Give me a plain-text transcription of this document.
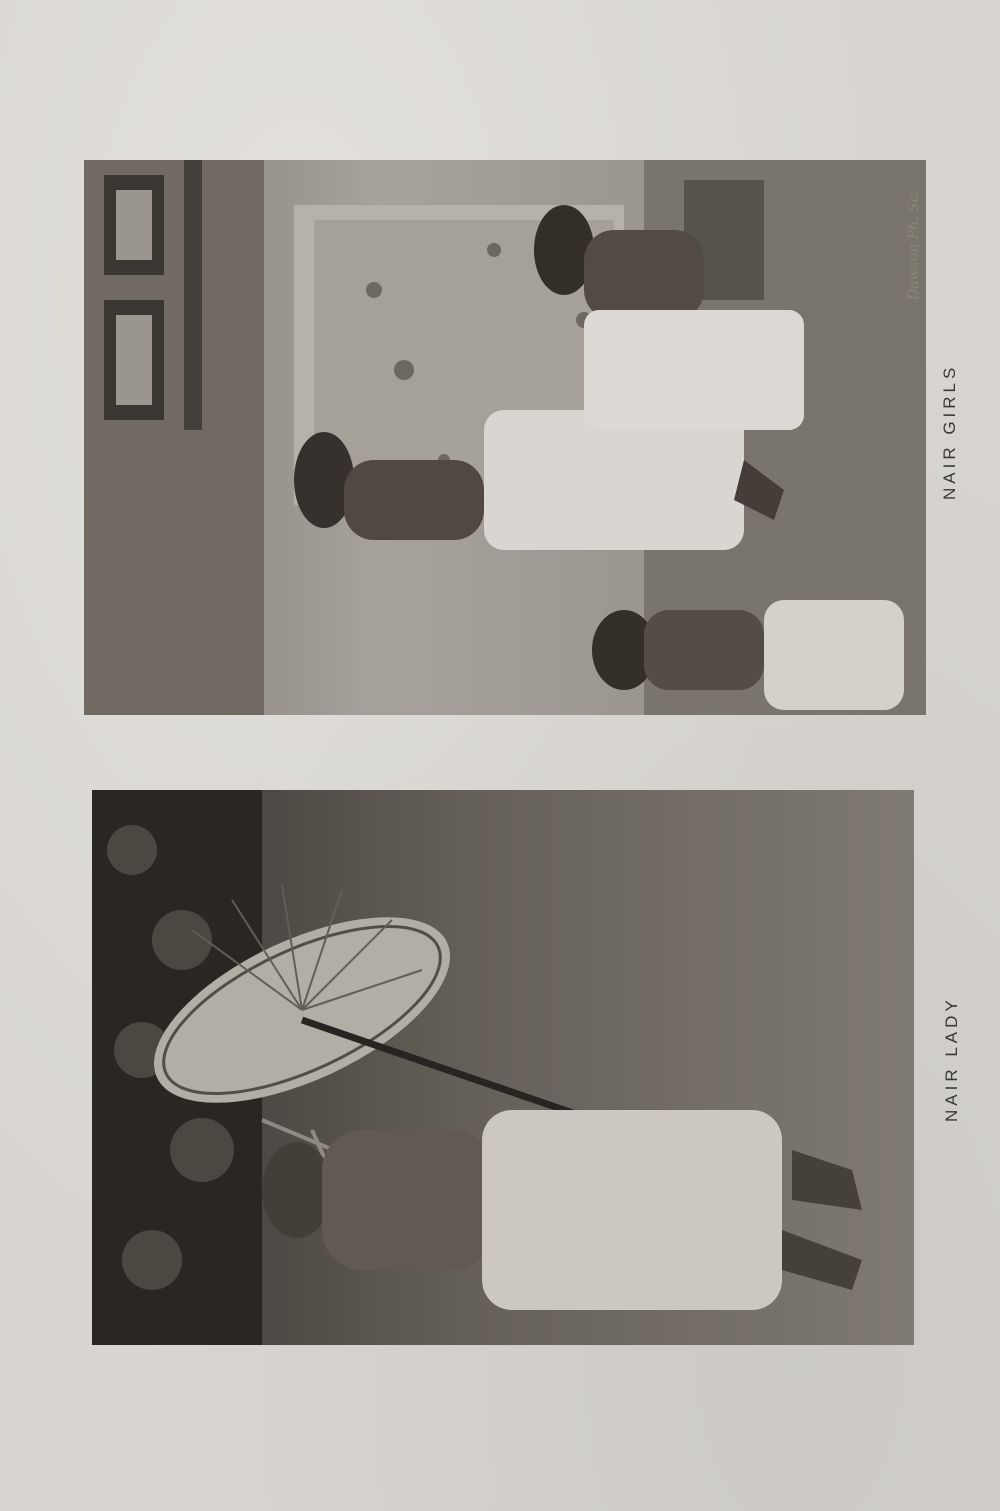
Dawson Ph. Sc.
NAIR GIRLS
NAIR LADY
